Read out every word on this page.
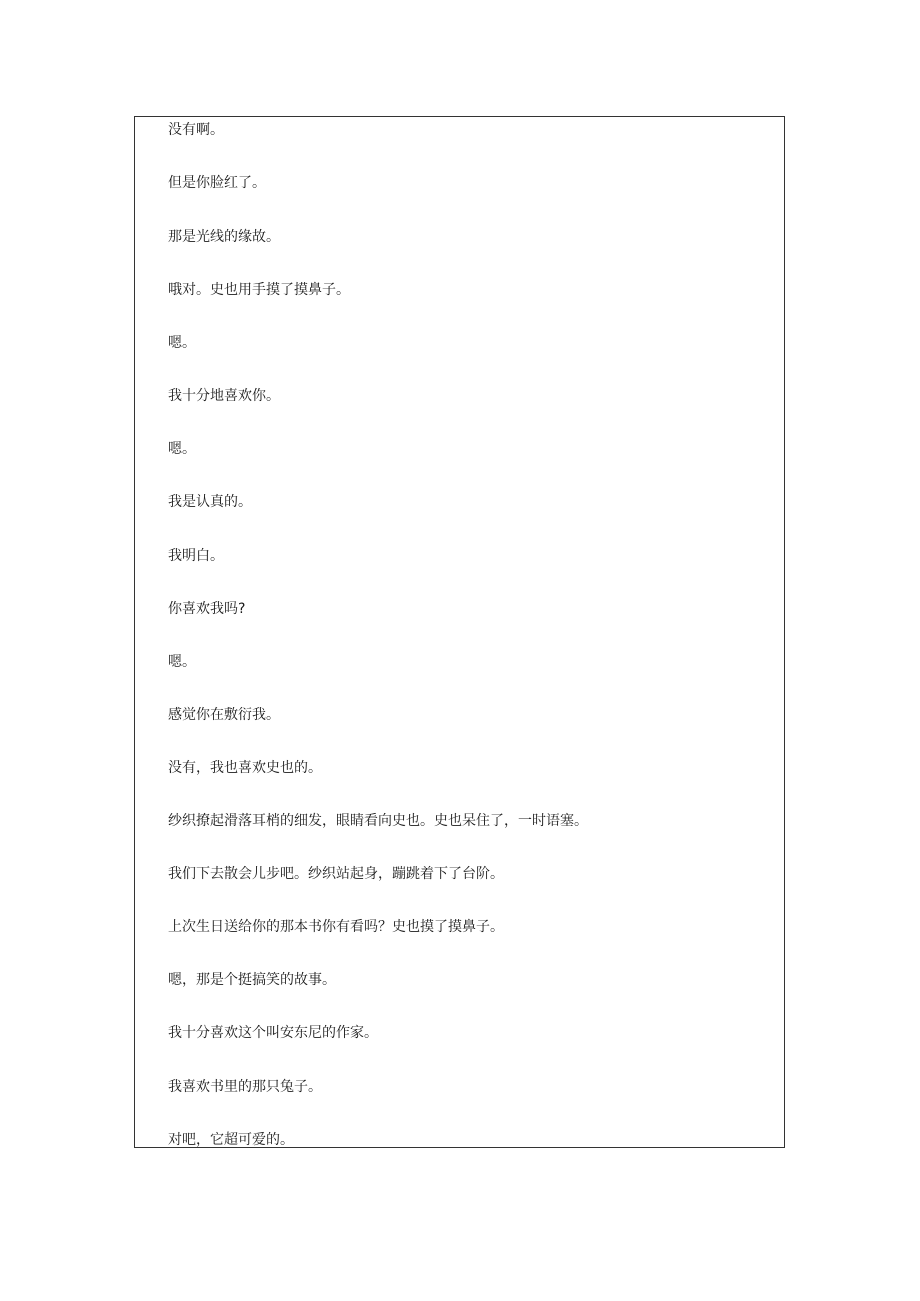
没有啊。

但是你脸红了。

那是光线的缘故。

哦对。史也用手摸了摸鼻子。

嗯。

我十分地喜欢你。

嗯。

我是认真的。

我明白。

你喜欢我吗?

嗯。

感觉你在敷衍我。

没有，我也喜欢史也的。

纱织撩起滑落耳梢的细发，眼睛看向史也。史也呆住了，一时语塞。

我们下去散会儿步吧。纱织站起身，蹦跳着下了台阶。

上次生日送给你的那本书你有看吗？史也摸了摸鼻子。

嗯，那是个挺搞笑的故事。

我十分喜欢这个叫安东尼的作家。

我喜欢书里的那只兔子。

对吧，它超可爱的。
